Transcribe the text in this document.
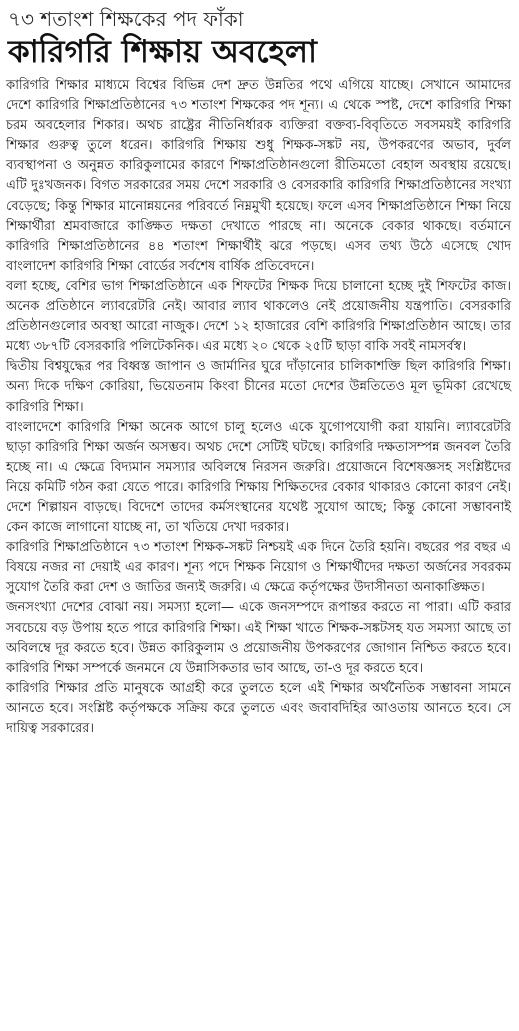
৭৩ শতাংশ শিক্ষকের পদ ফাঁকা
কারিগরি শিক্ষায় অবহেলা

কারিগরি শিক্ষার মাধ্যমে বিশ্বের বিভিন্ন দেশ দ্রুত উন্নতির পথে এগিয়ে যাচ্ছে। সেখানে আমাদের দেশে কারিগরি শিক্ষাপ্রতিষ্ঠানের ৭৩ শতাংশ শিক্ষকের পদ শূন্য। এ থেকে স্পষ্ট, দেশে কারিগরি শিক্ষা চরম অবহেলার শিকার। অথচ রাষ্ট্রের নীতিনির্ধারক ব্যক্তিরা বক্তব্য-বিবৃতিতে সবসময়ই কারিগরি শিক্ষার গুরুত্ব তুলে ধরেন। কারিগরি শিক্ষায় শুধু শিক্ষক-সঙ্কট নয়, উপকরণের অভাব, দুর্বল ব্যবস্থাপনা ও অনুন্নত কারিকুলামের কারণে শিক্ষাপ্রতিষ্ঠানগুলো রীতিমতো বেহাল অবস্থায় রয়েছে। এটি দুঃখজনক। বিগত সরকারের সময় দেশে সরকারি ও বেসরকারি কারিগরি শিক্ষাপ্রতিষ্ঠানের সংখ্যা বেড়েছে; কিন্তু শিক্ষার মানোন্নয়নের পরিবর্তে নিম্নমুখী হয়েছে। ফলে এসব শিক্ষাপ্রতিষ্ঠানে শিক্ষা নিয়ে শিক্ষার্থীরা শ্রমবাজারে কাঙ্ক্ষিত দক্ষতা দেখাতে পারছে না। অনেকে বেকার থাকছে। বর্তমানে কারিগরি শিক্ষাপ্রতিষ্ঠানের ৪৪ শতাংশ শিক্ষার্থীই ঝরে পড়ছে। এসব তথ্য উঠে এসেছে খোদ বাংলাদেশ কারিগরি শিক্ষা বোর্ডের সর্বশেষ বার্ষিক প্রতিবেদনে।

বলা হচ্ছে, বেশির ভাগ শিক্ষাপ্রতিষ্ঠানে এক শিফটের শিক্ষক দিয়ে চালানো হচ্ছে দুই শিফটের কাজ। অনেক প্রতিষ্ঠানে ল্যাবরেটরি নেই। আবার ল্যাব থাকলেও নেই প্রয়োজনীয় যন্ত্রপাতি। বেসরকারি প্রতিষ্ঠানগুলোর অবস্থা আরো নাজুক। দেশে ১২ হাজারের বেশি কারিগরি শিক্ষাপ্রতিষ্ঠান আছে। তার মধ্যে ৩৮৭টি বেসরকারি পলিটেকনিক। এর মধ্যে ২০ থেকে ২৫টি ছাড়া বাকি সবই নামসর্বস্ব।

দ্বিতীয় বিশ্বযুদ্ধের পর বিধ্বস্ত জাপান ও জার্মানির ঘুরে দাঁড়ানোর চালিকাশক্তি ছিল কারিগরি শিক্ষা। অন্য দিকে দক্ষিণ কোরিয়া, ভিয়েতনাম কিংবা চীনের মতো দেশের উন্নতিতেও মূল ভূমিকা রেখেছে কারিগরি শিক্ষা।

বাংলাদেশে কারিগরি শিক্ষা অনেক আগে চালু হলেও একে যুগোপযোগী করা যায়নি। ল্যাবরেটরি ছাড়া কারিগরি শিক্ষা অর্জন অসম্ভব। অথচ দেশে সেটিই ঘটছে। কারিগরি দক্ষতাসম্পন্ন জনবল তৈরি হচ্ছে না। এ ক্ষেত্রে বিদ্যমান সমস্যার অবিলম্বে নিরসন জরুরি। প্রয়োজনে বিশেষজ্ঞসহ সংশ্লিষ্টদের নিয়ে কমিটি গঠন করা যেতে পারে। কারিগরি শিক্ষায় শিক্ষিতদের বেকার থাকারও কোনো কারণ নেই। দেশে শিল্পায়ন বাড়ছে। বিদেশে তাদের কর্মসংস্থানের যথেষ্ট সুযোগ আছে; কিন্তু কোনো সম্ভাবনাই কেন কাজে লাগানো যাচ্ছে না, তা খতিয়ে দেখা দরকার।

কারিগরি শিক্ষাপ্রতিষ্ঠানে ৭৩ শতাংশ শিক্ষক-সঙ্কট নিশ্চয়ই এক দিনে তৈরি হয়নি। বছরের পর বছর এ বিষয়ে নজর না দেয়াই এর কারণ। শূন্য পদে শিক্ষক নিয়োগ ও শিক্ষার্থীদের দক্ষতা অর্জনের সবরকম সুযোগ তৈরি করা দেশ ও জাতির জন্যই জরুরি। এ ক্ষেত্রে কর্তৃপক্ষের উদাসীনতা অনাকাঙ্ক্ষিত।

জনসংখ্যা দেশের বোঝা নয়। সমস্যা হলো— একে জনসম্পদে রূপান্তর করতে না পারা। এটি করার সবচেয়ে বড় উপায় হতে পারে কারিগরি শিক্ষা। এই শিক্ষা খাতে শিক্ষক-সঙ্কটসহ যত সমস্যা আছে তা অবিলম্বে দূর করতে হবে। উন্নত কারিকুলাম ও প্রয়োজনীয় উপকরণের জোগান নিশ্চিত করতে হবে। কারিগরি শিক্ষা সম্পর্কে জনমনে যে উন্নাসিকতার ভাব আছে, তা-ও দূর করতে হবে।

কারিগরি শিক্ষার প্রতি মানুষকে আগ্রহী করে তুলতে হলে এই শিক্ষার অর্থনৈতিক সম্ভাবনা সামনে আনতে হবে। সংশ্লিষ্ট কর্তৃপক্ষকে সক্রিয় করে তুলতে এবং জবাবদিহির আওতায় আনতে হবে। সে দায়িত্ব সরকারের।
